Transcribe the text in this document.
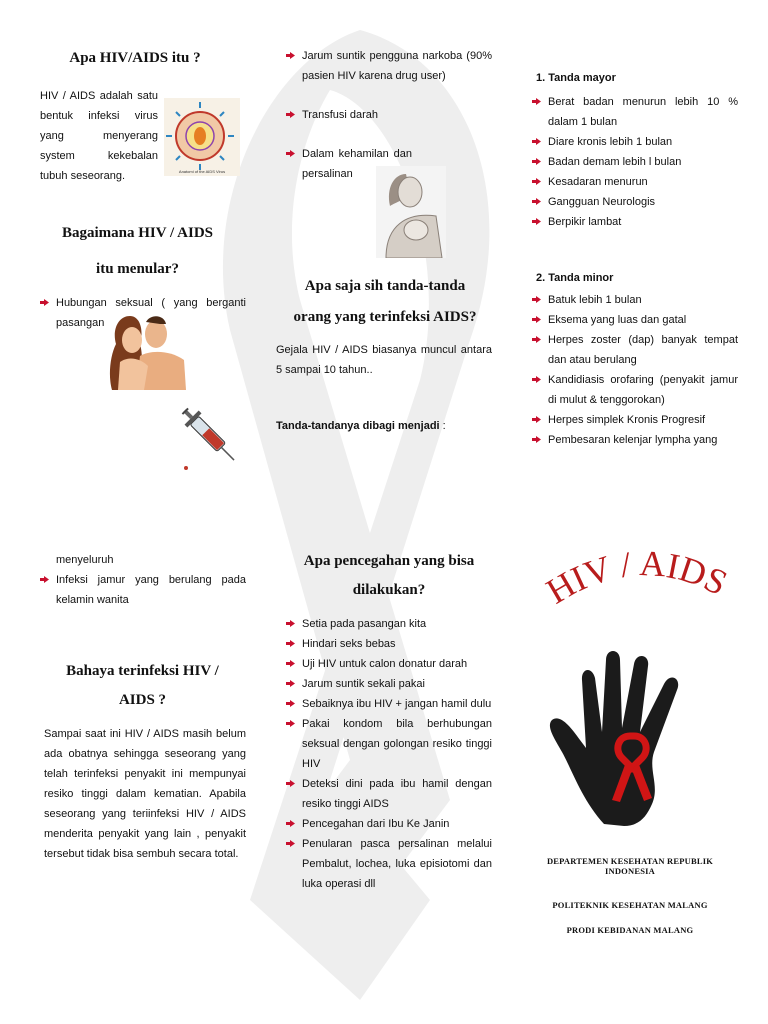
Apa HIV/AIDS itu ?
HIV / AIDS adalah satu bentuk infeksi virus yang menyerang system kekebalan tubuh seseorang.	Anatomi of the AIDS Virus
Bagaimana HIV / AIDS
itu menular?
Hubungan seksual ( yang berganti pasangan
Jarum suntik pengguna narkoba (90% pasien HIV karena drug user)
Transfusi darah
Dalam kehamilan dan persalinan
Apa saja sih tanda-tanda
orang yang terinfeksi AIDS?
Gejala HIV / AIDS biasanya muncul antara 5 sampai 10 tahun..
Tanda-tandanya dibagi menjadi :
1. Tanda mayor
Berat badan menurun lebih 10 % dalam 1 bulan
Diare kronis lebih 1 bulan
Badan demam lebih l bulan
Kesadaran menurun
Gangguan Neurologis
Berpikir lambat
2. Tanda minor
Batuk lebih 1 bulan
Eksema yang luas dan gatal
Herpes zoster (dap) banyak tempat dan atau berulang
Kandidiasis orofaring (penyakit jamur di mulut & tenggorokan)
Herpes simplek Kronis Progresif
Pembesaran kelenjar lympha yang
menyeluruh
Infeksi jamur yang berulang pada kelamin wanita
Bahaya terinfeksi HIV /
AIDS ?
Sampai saat ini HIV / AIDS masih belum ada obatnya sehingga seseorang yang telah terinfeksi penyakit ini mempunyai resiko tinggi dalam kematian. Apabila seseorang yang teriinfeksi HIV / AIDS menderita penyakit yang lain , penyakit tersebut tidak bisa sembuh secara total.
Apa pencegahan yang bisa
dilakukan?
Setia pada pasangan kita
Hindari seks bebas
Uji HIV untuk calon donatur darah
Jarum suntik sekali pakai
Sebaiknya ibu HIV + jangan hamil dulu
Pakai kondom bila berhubungan seksual dengan golongan resiko tinggi HIV
Deteksi dini pada ibu hamil dengan resiko tinggi AIDS
Pencegahan dari Ibu Ke Janin
Penularan pasca persalinan melalui Pembalut, lochea, luka episiotomi dan luka operasi dll
HIV / AIDS
DEPARTEMEN KESEHATAN REPUBLIK INDONESIA
POLITEKNIK KESEHATAN MALANG
PRODI KEBIDANAN MALANG
